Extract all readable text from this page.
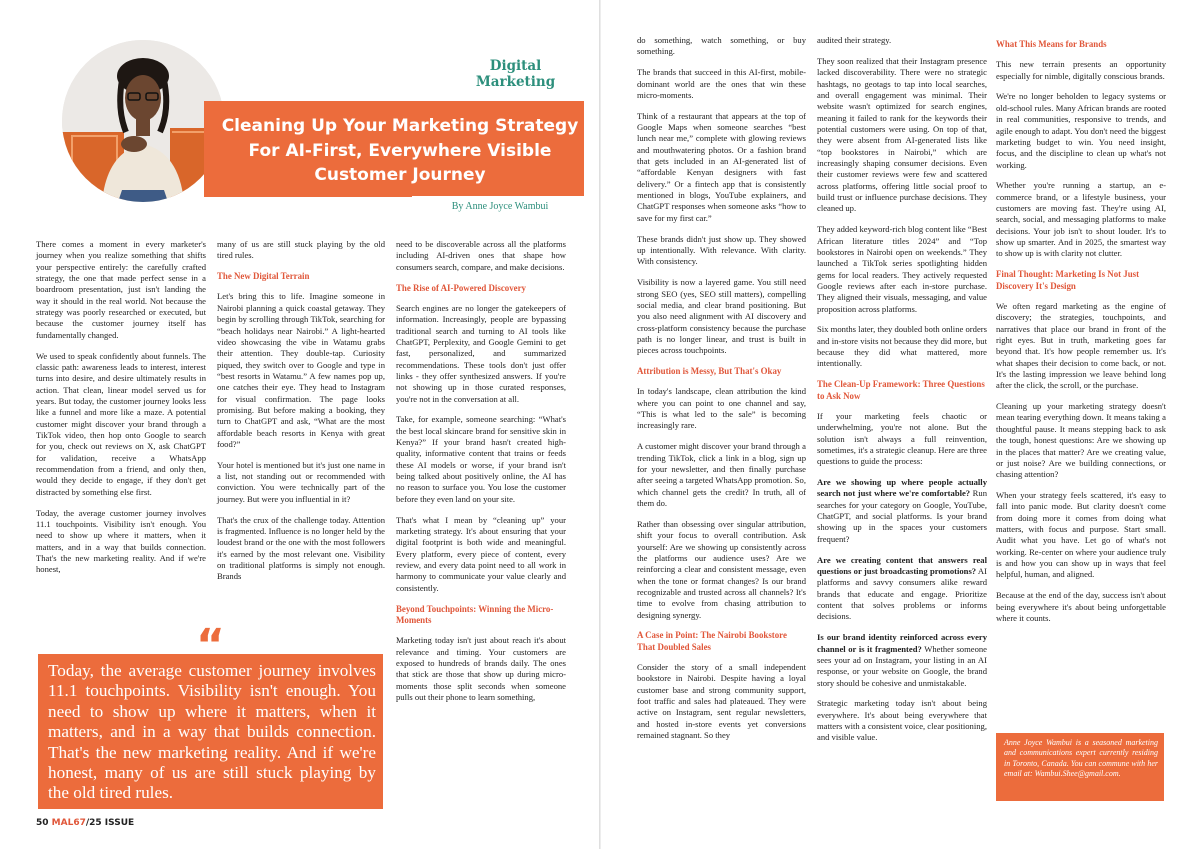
Digital Marketing
Cleaning Up Your Marketing Strategy For AI-First, Everywhere Visible Customer Journey
By Anne Joyce Wambui

There comes a moment in every marketer's journey when you realize something that shifts your perspective entirely: the carefully crafted strategy, the one that made perfect sense in a boardroom presentation, just isn't landing the way it should in the real world. Not because the strategy was poorly researched or executed, but because the customer journey itself has fundamentally changed.

We used to speak confidently about funnels. The classic path: awareness leads to interest, interest turns into desire, and desire ultimately results in action. That clean, linear model served us for years. But today, the customer journey looks less like a funnel and more like a maze. A potential customer might discover your brand through a TikTok video, then hop onto Google to search for you, check out reviews on X, ask ChatGPT for validation, receive a WhatsApp recommendation from a friend, and only then, would they decide to engage, if they don't get distracted by something else first.

Today, the average customer journey involves 11.1 touchpoints. Visibility isn't enough. You need to show up where it matters, when it matters, and in a way that builds connection. That's the new marketing reality. And if we're honest,

many of us are still stuck playing by the old tired rules.

The New Digital Terrain

Let's bring this to life. Imagine someone in Nairobi planning a quick coastal getaway. They begin by scrolling through TikTok, searching for “beach holidays near Nairobi.” A light-hearted video showcasing the vibe in Watamu grabs their attention. They double-tap. Curiosity piqued, they switch over to Google and type in “best resorts in Watamu.” A few names pop up, one catches their eye. They head to Instagram for visual confirmation. The page looks promising. But before making a booking, they turn to ChatGPT and ask, “What are the most affordable beach resorts in Kenya with great food?”

Your hotel is mentioned but it's just one name in a list, not standing out or recommended with conviction. You were technically part of the journey. But were you influential in it?

That's the crux of the challenge today. Attention is fragmented. Influence is no longer held by the loudest brand or the one with the most followers it's earned by the most relevant one. Visibility on traditional platforms is simply not enough. Brands

need to be discoverable across all the platforms including AI-driven ones that shape how consumers search, compare, and make decisions.

The Rise of AI-Powered Discovery

Search engines are no longer the gatekeepers of information. Increasingly, people are bypassing traditional search and turning to AI tools like ChatGPT, Perplexity, and Google Gemini to get fast, personalized, and summarized recommendations. These tools don't just offer links - they offer synthesized answers. If you're not showing up in those curated responses, you're not in the conversation at all.

Take, for example, someone searching: “What's the best local skincare brand for sensitive skin in Kenya?” If your brand hasn't created high-quality, informative content that trains or feeds these AI models or worse, if your brand isn't being talked about positively online, the AI has no reason to surface you. You lose the customer before they even land on your site.

That's what I mean by “cleaning up” your marketing strategy. It's about ensuring that your digital footprint is both wide and meaningful. Every platform, every piece of content, every review, and every data point need to all work in harmony to communicate your value clearly and consistently.

Beyond Touchpoints: Winning the Micro-Moments

Marketing today isn't just about reach it's about relevance and timing. Your customers are exposed to hundreds of brands daily. The ones that stick are those that show up during micro-moments those split seconds when someone pulls out their phone to learn something,

do something, watch something, or buy something.

The brands that succeed in this AI-first, mobile-dominant world are the ones that win these micro-moments.

Think of a restaurant that appears at the top of Google Maps when someone searches “best lunch near me,” complete with glowing reviews and mouthwatering photos. Or a fashion brand that gets included in an AI-generated list of “affordable Kenyan designers with fast delivery.” Or a fintech app that is consistently mentioned in blogs, YouTube explainers, and ChatGPT responses when someone asks “how to save for my first car.”

These brands didn't just show up. They showed up intentionally. With relevance. With clarity. With consistency.

Visibility is now a layered game. You still need strong SEO (yes, SEO still matters), compelling social media, and clear brand positioning. But you also need alignment with AI discovery and cross-platform consistency because the purchase path is no longer linear, and trust is built in pieces across touchpoints.

Attribution is Messy, But That's Okay

In today's landscape, clean attribution the kind where you can point to one channel and say, “This is what led to the sale” is becoming increasingly rare.

A customer might discover your brand through a trending TikTok, click a link in a blog, sign up for your newsletter, and then finally purchase after seeing a targeted WhatsApp promotion. So, which channel gets the credit? In truth, all of them do.

Rather than obsessing over singular attribution, shift your focus to overall contribution. Ask yourself: Are we showing up consistently across the platforms our audience uses? Are we reinforcing a clear and consistent message, even when the tone or format changes? Is our brand recognizable and trusted across all channels? It's time to evolve from chasing attribution to designing synergy.

A Case in Point: The Nairobi Bookstore That Doubled Sales

Consider the story of a small independent bookstore in Nairobi. Despite having a loyal customer base and strong community support, foot traffic and sales had plateaued. They were active on Instagram, sent regular newsletters, and hosted in-store events yet conversions remained stagnant. So they

audited their strategy.

They soon realized that their Instagram presence lacked discoverability. There were no strategic hashtags, no geotags to tap into local searches, and overall engagement was minimal. Their website wasn't optimized for search engines, meaning it failed to rank for the keywords their potential customers were using. On top of that, they were absent from AI-generated lists like “top bookstores in Nairobi,” which are increasingly shaping consumer decisions. Even their customer reviews were few and scattered across platforms, offering little social proof to build trust or influence purchase decisions. They cleaned up.

They added keyword-rich blog content like “Best African literature titles 2024” and “Top bookstores in Nairobi open on weekends.” They launched a TikTok series spotlighting hidden gems for local readers. They actively requested Google reviews after each in-store purchase. They aligned their visuals, messaging, and value proposition across platforms.

Six months later, they doubled both online orders and in-store visits not because they did more, but because they did what mattered, more intentionally.

The Clean-Up Framework: Three Questions to Ask Now

If your marketing feels chaotic or underwhelming, you're not alone. But the solution isn't always a full reinvention, sometimes, it's a strategic cleanup. Here are three questions to guide the process:

Are we showing up where people actually search not just where we're comfortable? Run searches for your category on Google, YouTube, ChatGPT, and social platforms. Is your brand showing up in the spaces your customers frequent?

Are we creating content that answers real questions or just broadcasting promotions? AI platforms and savvy consumers alike reward brands that educate and engage. Prioritize content that solves problems or informs decisions.

Is our brand identity reinforced across every channel or is it fragmented? Whether someone sees your ad on Instagram, your listing in an AI response, or your website on Google, the brand story should be cohesive and unmistakable.

Strategic marketing today isn't about being everywhere. It's about being everywhere that matters with a consistent voice, clear positioning, and visible value.

What This Means for Brands

This new terrain presents an opportunity especially for nimble, digitally conscious brands.

We're no longer beholden to legacy systems or old-school rules. Many African brands are rooted in real communities, responsive to trends, and agile enough to adapt. You don't need the biggest marketing budget to win. You need insight, focus, and the discipline to clean up what's not working.

Whether you're running a startup, an e-commerce brand, or a lifestyle business, your customers are moving fast. They're using AI, search, social, and messaging platforms to make decisions. Your job isn't to shout louder. It's to show up smarter. And in 2025, the smartest way to show up is with clarity not clutter.

Final Thought: Marketing Is Not Just Discovery It's Design

We often regard marketing as the engine of discovery; the strategies, touchpoints, and narratives that place our brand in front of the right eyes. But in truth, marketing goes far beyond that. It's how people remember us. It's what shapes their decision to come back, or not. It's the lasting impression we leave behind long after the click, the scroll, or the purchase.

Cleaning up your marketing strategy doesn't mean tearing everything down. It means taking a thoughtful pause. It means stepping back to ask the tough, honest questions: Are we showing up in the places that matter? Are we creating value, or just noise? Are we building connections, or chasing attention?

When your strategy feels scattered, it's easy to fall into panic mode. But clarity doesn't come from doing more it comes from doing what matters, with focus and purpose. Start small. Audit what you have. Let go of what's not working. Re-center on where your audience truly is and how you can show up in ways that feel helpful, human, and aligned.

Because at the end of the day, success isn't about being everywhere it's about being unforgettable where it counts.

“
Today, the average customer journey involves 11.1 touchpoints. Visibility isn't enough. You need to show up where it matters, when it matters, and in a way that builds connection. That's the new marketing reality. And if we're honest, many of us are still stuck playing by the old tired rules.
Anne Joyce Wambui is a seasoned marketing and communications expert currently residing in Toronto, Canada. You can commune with her email at: Wambui.Shee@gmail.com.
50 MAL67/25 ISSUE
